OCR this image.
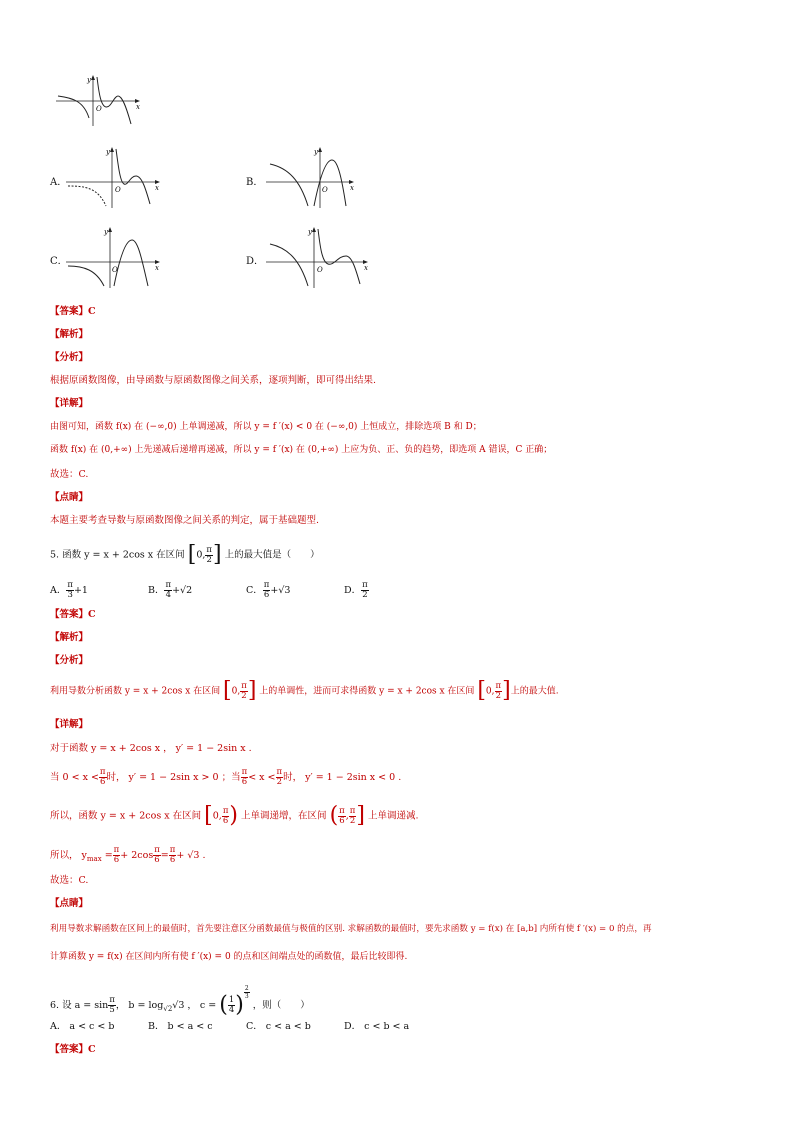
y
x
O
A．
y
x
O
B．
y
x
O
C．
y
x
O
D．
y
x
O
【答案】C
【解析】
【分析】
根据原函数图像，由导函数与原函数图像之间关系，逐项判断，即可得出结果.
【详解】
由图可知，函数 f(x) 在 (−∞,0) 上单调递减，所以 y = f ′(x) < 0 在 (−∞,0) 上恒成立，排除选项 B 和 D；
函数 f(x) 在 (0,+∞) 上先递减后递增再递减，所以 y = f ′(x) 在 (0,+∞) 上应为负、正、负的趋势，即选项 A 错误，C 正确；
故选：C.
【点睛】
本题主要考查导数与原函数图像之间关系的判定，属于基础题型.
5. 函数 y = x + 2cos x 在区间 [0, $\frac{\pi}{2}$ ] 上的最大值是（　　）
A． $\frac{\pi}{3} +1$	B． $\frac{\pi}{4} +√2$	C． $\frac{\pi}{6} +√3$	D． $\frac{\pi}{2}$
【答案】C
【解析】
【分析】
利用导数分析函数 y = x + 2cos x 在区间 [0, $\frac{\pi}{2}$ ] 上的单调性，进而可求得函数 y = x + 2cos x 在区间 [0, $\frac{\pi}{2}$ ]上的最大值.
【详解】
对于函数 y = x + 2cos x ， y′ = 1 − 2sin x .
当 $0 < x < \frac{\pi}{6}$ 时， y′ = 1 − 2sin x > 0 ；当 $\frac{\pi}{6} < x < \frac{\pi}{2}$ 时， y′ = 1 − 2sin x < 0 .
所以，函数 y = x + 2cos x 在区间 [0, $\frac{\pi}{6}$ ) 上单调递增，在区间 ( $\frac{\pi}{6}$ , $\frac{\pi}{2}$ ] 上单调递减.
所以， $y_{max} = \frac{\pi}{6} + 2\cos \frac{\pi}{6} = \frac{\pi}{6} + √3$ .
故选：C.
【点睛】
利用导数求解函数在区间上的最值时，首先要注意区分函数最值与极值的区别. 求解函数的最值时，要先求函数 y = f(x) 在 [a,b] 内所有使 f ′(x) = 0 的点，再
计算函数 y = f(x) 在区间内所有使 f ′(x) = 0 的点和区间端点处的函数值，最后比较即得.
6. 设 $a = \sin \frac{\pi}{5}$ ， $b = \log_{√2}√3$ ， c = ( $\frac{1}{4}$ ) $^{\frac{2}{3}}$
，则（　　）
A． a < c < b	B． b < a < c	C． c < a < b	D． c < b < a
【答案】C
